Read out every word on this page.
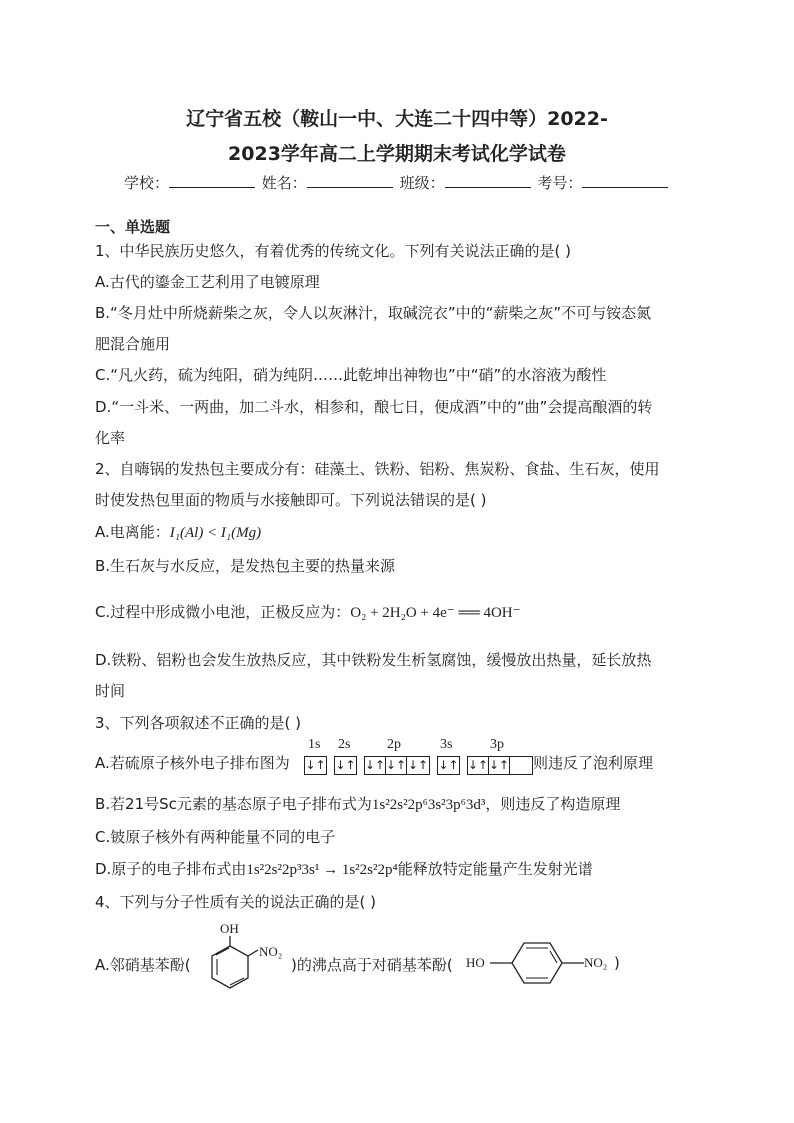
辽宁省五校（鞍山一中、大连二十四中等）2022-
2023学年高二上学期期末考试化学试卷
学校：	姓名：	班级：	考号：
一、单选题
1、中华民族历史悠久，有着优秀的传统文化。下列有关说法正确的是( )
A.古代的鎏金工艺利用了电镀原理
B.“冬月灶中所烧薪柴之灰，令人以灰淋汁，取碱浣衣”中的“薪柴之灰”不可与铵态氮
肥混合施用
C.“凡火药，硫为纯阳，硝为纯阴……此乾坤出神物也”中“硝”的水溶液为酸性
D.“一斗米、一两曲，加二斗水，相参和，酿七日，便成酒”中的“曲”会提高酿酒的转
化率
2、自嗨锅的发热包主要成分有：硅藻土、铁粉、铝粉、焦炭粉、食盐、生石灰，使用
时使发热包里面的物质与水接触即可。下列说法错误的是( )
A.电离能：I₁(Al) < I₁(Mg)
B.生石灰与水反应，是发热包主要的热量来源
C.过程中形成微小电池，正极反应为：O₂ + 2H₂O + 4e⁻ ══ 4OH⁻
D.铁粉、铝粉也会发生放热反应，其中铁粉发生析氢腐蚀，缓慢放出热量，延长放热
时间
3、下列各项叙述不正确的是( )
A.若硫原子核外电子排布图为
1s 2s	2p	3s	3p
↓↑ ↓↑ ↓↑ ↓↑ ↓↑ ↓↑ ↓↑ ↓↑ 则违反了泡利原理
B.若21号Sc元素的基态原子电子排布式为1s²2s²2p⁶3s²3p⁶3d³，则违反了构造原理
C.铍原子核外有两种能量不同的电子
D.原子的电子排布式由1s²2s²2p³3s¹ → 1s²2s²2p⁴能释放特定能量产生发射光谱
4、下列与分子性质有关的说法正确的是( )
A.邻硝基苯酚(
OH
NO₂
)的沸点高于对硝基苯酚( HO	NO₂ )
